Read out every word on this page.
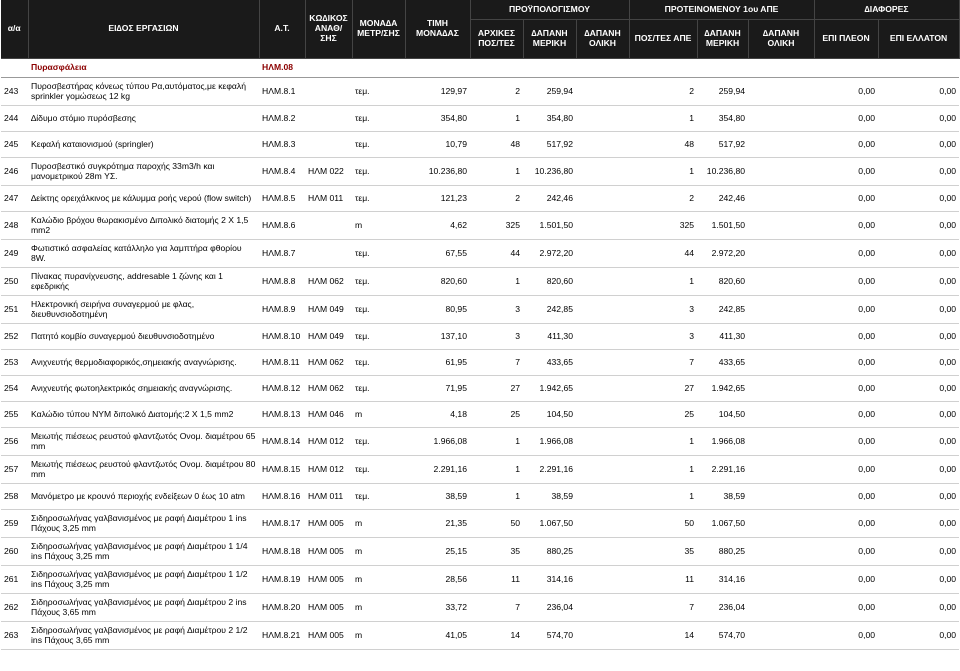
α/α	ΕΙ∆ΟΣ ΕΡΓΑΣΙΩΝ	Α.Τ.	ΚΩ∆ΙΚΟΣ ΑΝΑΘ/ΣΗΣ	ΜΟΝΑ∆Α ΜΕΤΡ/ΣΗΣ	ΤΙΜΗ ΜΟΝΑ∆ΑΣ	ΠΡΟΫΠΟΛΟΓΙΣΜΟΥ			ΠΡΟΤΕΙΝΟΜΕΝΟΥ 1ου ΑΠΕ			∆ΙΑΦΟΡΕΣ	
						ΑΡΧΙΚΕΣ ΠΟΣ/ΤΕΣ	∆ΑΠΑΝΗ ΜΕΡΙΚΗ	∆ΑΠΑΝΗ ΟΛΙΚΗ	ΠΟΣ/ΤΕΣ ΑΠΕ	∆ΑΠΑΝΗ ΜΕΡΙΚΗ	∆ΑΠΑΝΗ ΟΛΙΚΗ	ΕΠΙ ΠΛΕΟΝ	ΕΠΙ ΕΛΛΑΤΟΝ
	Πυρασφάλεια	ΗΛΜ.08											
243	Πυροσβεστήρας κόνεως τύπου Ρα,αυτόματος,με κεφαλή sprinkler γομώσεως 12 kg	ΗΛΜ.8.1		τεμ.	129,97	2	259,94		2	259,94		0,00	0,00
244	∆ίδυμο στόμιο πυρόσβεσης	ΗΛΜ.8.2		τεμ.	354,80	1	354,80		1	354,80		0,00	0,00
245	Κεφαλή καταιονισμού (springler)	ΗΛΜ.8.3		τεμ.	10,79	48	517,92		48	517,92		0,00	0,00
246	Πυροσβεστικό συγκρότημα παροχής 33m3/h και μανομετρικού 28m ΥΣ.	ΗΛΜ.8.4	ΗΛΜ 022	τεμ.	10.236,80	1	10.236,80		1	10.236,80		0,00	0,00
247	∆είκτης ορειχάλκινος με κάλυμμα ροής νερού (flow switch)	ΗΛΜ.8.5	ΗΛΜ 011	τεμ.	121,23	2	242,46		2	242,46		0,00	0,00
248	Καλώδιο βρόχου θωρακισμένο ∆ιπολικό διατομής 2 Χ 1,5 mm2	ΗΛΜ.8.6		m	4,62	325	1.501,50		325	1.501,50		0,00	0,00
249	Φωτιστικό ασφαλείας κατάλληλο για λαμπτήρα φθορίου 8W.	ΗΛΜ.8.7		τεμ.	67,55	44	2.972,20		44	2.972,20		0,00	0,00
250	Πίνακας πυρανίχνευσης, addresable 1 ζώνης και 1 εφεδρικής	ΗΛΜ.8.8	ΗΛΜ 062	τεμ.	820,60	1	820,60		1	820,60		0,00	0,00
251	Ηλεκτρονική σειρήνα συναγερμού με φλας, διευθυνσιοδοτημένη	ΗΛΜ.8.9	ΗΛΜ 049	τεμ.	80,95	3	242,85		3	242,85		0,00	0,00
252	Πατητό κομβίο συναγερμού διευθυνσιοδοτημένο	ΗΛΜ.8.10	ΗΛΜ 049	τεμ.	137,10	3	411,30		3	411,30		0,00	0,00
253	Ανιχνευτής θερμοδιαφορικός,σημειακής αναγνώρισης.	ΗΛΜ.8.11	ΗΛΜ 062	τεμ.	61,95	7	433,65		7	433,65		0,00	0,00
254	Ανιχνευτής φωτοηλεκτρικός σημειακής αναγνώρισης.	ΗΛΜ.8.12	ΗΛΜ 062	τεμ.	71,95	27	1.942,65		27	1.942,65		0,00	0,00
255	Καλώδιο τύπου ΝΥΜ διπολικό ∆ιατομής:2 Χ 1,5 mm2	ΗΛΜ.8.13	ΗΛΜ 046	m	4,18	25	104,50		25	104,50		0,00	0,00
256	Μειωτής πιέσεως ρευστού φλαντζωτός Ονομ. διαμέτρου 65 mm	ΗΛΜ.8.14	ΗΛΜ 012	τεμ.	1.966,08	1	1.966,08		1	1.966,08		0,00	0,00
257	Μειωτής πιέσεως ρευστού φλαντζωτός Ονομ. διαμέτρου 80 mm	ΗΛΜ.8.15	ΗΛΜ 012	τεμ.	2.291,16	1	2.291,16		1	2.291,16		0,00	0,00
258	Μανόμετρο με κρουνό περιοχής ενδείξεων 0 έως 10 atm	ΗΛΜ.8.16	ΗΛΜ 011	τεμ.	38,59	1	38,59		1	38,59		0,00	0,00
259	Σιδηροσωλήνας γαλβανισμένος με ραφή ∆ιαμέτρου 1 ins Πάχους 3,25 mm	ΗΛΜ.8.17	ΗΛΜ 005	m	21,35	50	1.067,50		50	1.067,50		0,00	0,00
260	Σιδηροσωλήνας γαλβανισμένος με ραφή ∆ιαμέτρου 1 1/4 ins Πάχους 3,25 mm	ΗΛΜ.8.18	ΗΛΜ 005	m	25,15	35	880,25		35	880,25		0,00	0,00
261	Σιδηροσωλήνας γαλβανισμένος με ραφή ∆ιαμέτρου 1 1/2 ins Πάχους 3,25 mm	ΗΛΜ.8.19	ΗΛΜ 005	m	28,56	11	314,16		11	314,16		0,00	0,00
262	Σιδηροσωλήνας γαλβανισμένος με ραφή ∆ιαμέτρου 2 ins Πάχους 3,65 mm	ΗΛΜ.8.20	ΗΛΜ 005	m	33,72	7	236,04		7	236,04		0,00	0,00
263	Σιδηροσωλήνας γαλβανισμένος με ραφή ∆ιαμέτρου 2 1/2 ins Πάχους 3,65 mm	ΗΛΜ.8.21	ΗΛΜ 005	m	41,05	14	574,70		14	574,70		0,00	0,00
